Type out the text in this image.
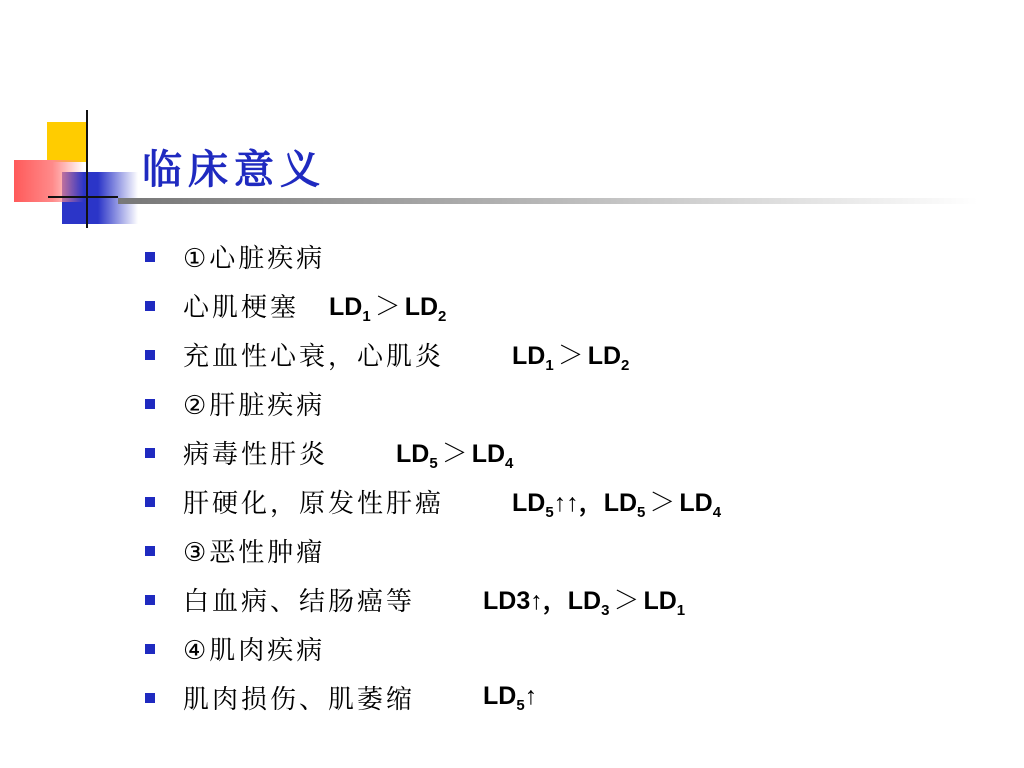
临床意义
①心脏疾病
心肌梗塞 $LD_1 > LD_2$
充血性心衰，心肌炎	$LD_1 > LD_2$
②肝脏疾病
病毒性肝炎	$LD_5 > LD_4$
肝硬化，原发性肝癌	$LD_5↑↑$，$LD_5 > LD_4$
③恶性肿瘤
白血病、结肠癌等	LD3↑，$LD_3 > LD_1$
④肌肉疾病
肌肉损伤、肌萎缩	$LD_5↑$
